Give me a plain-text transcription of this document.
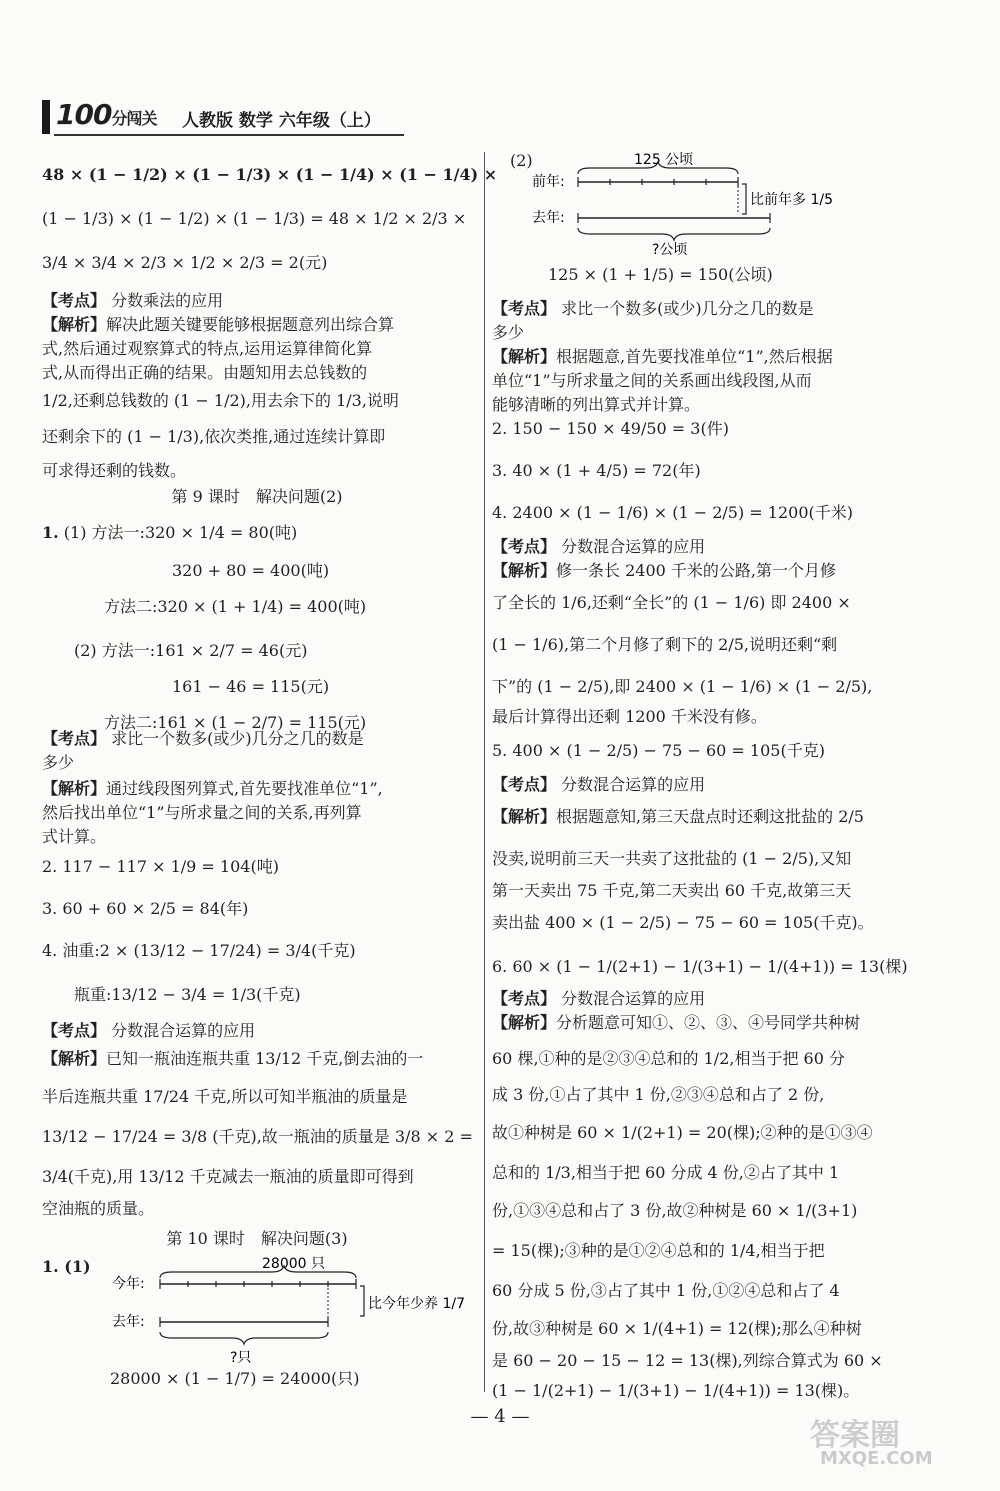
100分闯关 人教版 数学 六年级（上）
48 × (1 − 1/2) × (1 − 1/3) × (1 − 1/4) × (1 − 1/4) ×
(1 − 1/3) × (1 − 1/2) × (1 − 1/3) = 48 × 1/2 × 2/3 ×
3/4 × 3/4 × 2/3 × 1/2 × 2/3 = 2(元)
【考点】 分数乘法的应用
【解析】解决此题关键要能够根据题意列出综合算
式,然后通过观察算式的特点,运用运算律简化算
式,从而得出正确的结果。由题知用去总钱数的
1/2,还剩总钱数的 (1 − 1/2),用去余下的 1/3,说明
还剩余下的 (1 − 1/3),依次类推,通过连续计算即
可求得还剩的钱数。
第 9 课时　解决问题(2)
1. (1) 方法一:320 × 1/4 = 80(吨)
320 + 80 = 400(吨)
方法二:320 × (1 + 1/4) = 400(吨)
(2) 方法一:161 × 2/7 = 46(元)
161 − 46 = 115(元)
方法二:161 × (1 − 2/7) = 115(元)
【考点】 求比一个数多(或少)几分之几的数是
多少
【解析】通过线段图列算式,首先要找准单位“1”,
然后找出单位“1”与所求量之间的关系,再列算
式计算。
2. 117 − 117 × 1/9 = 104(吨)
3. 60 + 60 × 2/5 = 84(年)
4. 油重:2 × (13/12 − 17/24) = 3/4(千克)
瓶重:13/12 − 3/4 = 1/3(千克)
【考点】 分数混合运算的应用
【解析】已知一瓶油连瓶共重 13/12 千克,倒去油的一
半后连瓶共重 17/24 千克,所以可知半瓶油的质量是
13/12 − 17/24 = 3/8 (千克),故一瓶油的质量是 3/8 × 2 =
3/4(千克),用 13/12 千克减去一瓶油的质量即可得到
空油瓶的质量。
第 10 课时　解决问题(3)
1. (1)	28000 只
今年:
比今年少养 1/7
去年:
?只
28000 × (1 − 1/7) = 24000(只)
(2)	125 公顷
前年:
比前年多 1/5
去年:
?公顷
125 × (1 + 1/5) = 150(公顷)
【考点】 求比一个数多(或少)几分之几的数是
多少
【解析】根据题意,首先要找准单位“1”,然后根据
单位“1”与所求量之间的关系画出线段图,从而
能够清晰的列出算式并计算。
2. 150 − 150 × 49/50 = 3(件)
3. 40 × (1 + 4/5) = 72(年)
4. 2400 × (1 − 1/6) × (1 − 2/5) = 1200(千米)
【考点】 分数混合运算的应用
【解析】修一条长 2400 千米的公路,第一个月修
了全长的 1/6,还剩“全长”的 (1 − 1/6) 即 2400 ×
(1 − 1/6),第二个月修了剩下的 2/5,说明还剩“剩
下”的 (1 − 2/5),即 2400 × (1 − 1/6) × (1 − 2/5),
最后计算得出还剩 1200 千米没有修。
5. 400 × (1 − 2/5) − 75 − 60 = 105(千克)
【考点】 分数混合运算的应用
【解析】根据题意知,第三天盘点时还剩这批盐的 2/5
没卖,说明前三天一共卖了这批盐的 (1 − 2/5),又知
第一天卖出 75 千克,第二天卖出 60 千克,故第三天
卖出盐 400 × (1 − 2/5) − 75 − 60 = 105(千克)。
6. 60 × (1 − 1/(2+1) − 1/(3+1) − 1/(4+1)) = 13(棵)
【考点】 分数混合运算的应用
【解析】分析题意可知①、②、③、④号同学共种树
60 棵,①种的是②③④总和的 1/2,相当于把 60 分
成 3 份,①占了其中 1 份,②③④总和占了 2 份,
故①种树是 60 × 1/(2+1) = 20(棵);②种的是①③④
总和的 1/3,相当于把 60 分成 4 份,②占了其中 1
份,①③④总和占了 3 份,故②种树是 60 × 1/(3+1)
= 15(棵);③种的是①②④总和的 1/4,相当于把
60 分成 5 份,③占了其中 1 份,①②④总和占了 4
份,故③种树是 60 × 1/(4+1) = 12(棵);那么④种树
是 60 − 20 − 15 − 12 = 13(棵),列综合算式为 60 ×
(1 − 1/(2+1) − 1/(3+1) − 1/(4+1)) = 13(棵)。
— 4 —
答案圈
MXQE.COM
